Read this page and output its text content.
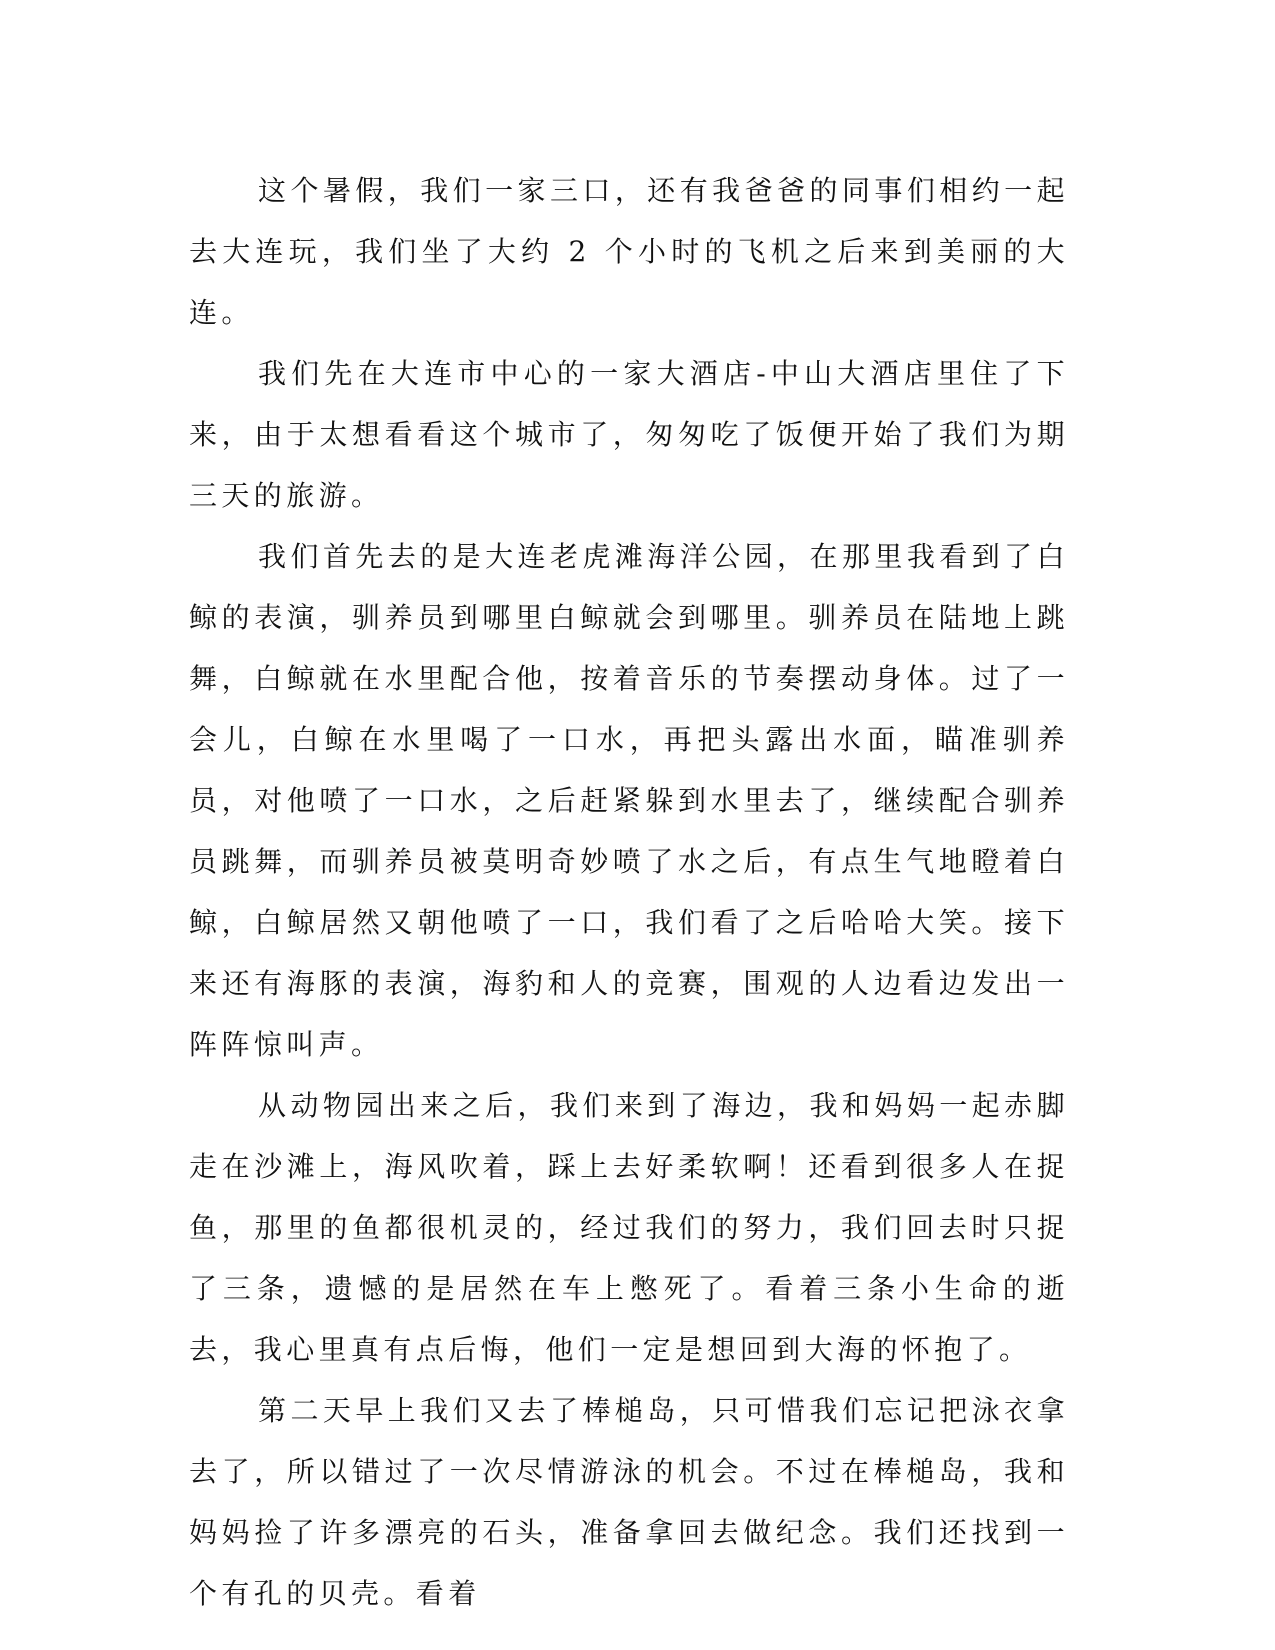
这个暑假，我们一家三口，还有我爸爸的同事们相约一起去大连玩，我们坐了大约 2 个小时的飞机之后来到美丽的大连。

我们先在大连市中心的一家大酒店-中山大酒店里住了下来，由于太想看看这个城市了，匆匆吃了饭便开始了我们为期三天的旅游。

我们首先去的是大连老虎滩海洋公园，在那里我看到了白鲸的表演，驯养员到哪里白鲸就会到哪里。驯养员在陆地上跳舞，白鲸就在水里配合他，按着音乐的节奏摆动身体。过了一会儿，白鲸在水里喝了一口水，再把头露出水面，瞄准驯养员，对他喷了一口水，之后赶紧躲到水里去了，继续配合驯养员跳舞，而驯养员被莫明奇妙喷了水之后，有点生气地瞪着白鲸，白鲸居然又朝他喷了一口，我们看了之后哈哈大笑。接下来还有海豚的表演，海豹和人的竞赛，围观的人边看边发出一阵阵惊叫声。

从动物园出来之后，我们来到了海边，我和妈妈一起赤脚走在沙滩上，海风吹着，踩上去好柔软啊！还看到很多人在捉鱼，那里的鱼都很机灵的，经过我们的努力，我们回去时只捉了三条，遗憾的是居然在车上憋死了。看着三条小生命的逝去，我心里真有点后悔，他们一定是想回到大海的怀抱了。

第二天早上我们又去了棒槌岛，只可惜我们忘记把泳衣拿去了，所以错过了一次尽情游泳的机会。不过在棒槌岛，我和妈妈捡了许多漂亮的石头，准备拿回去做纪念。我们还找到一个有孔的贝壳。看着
